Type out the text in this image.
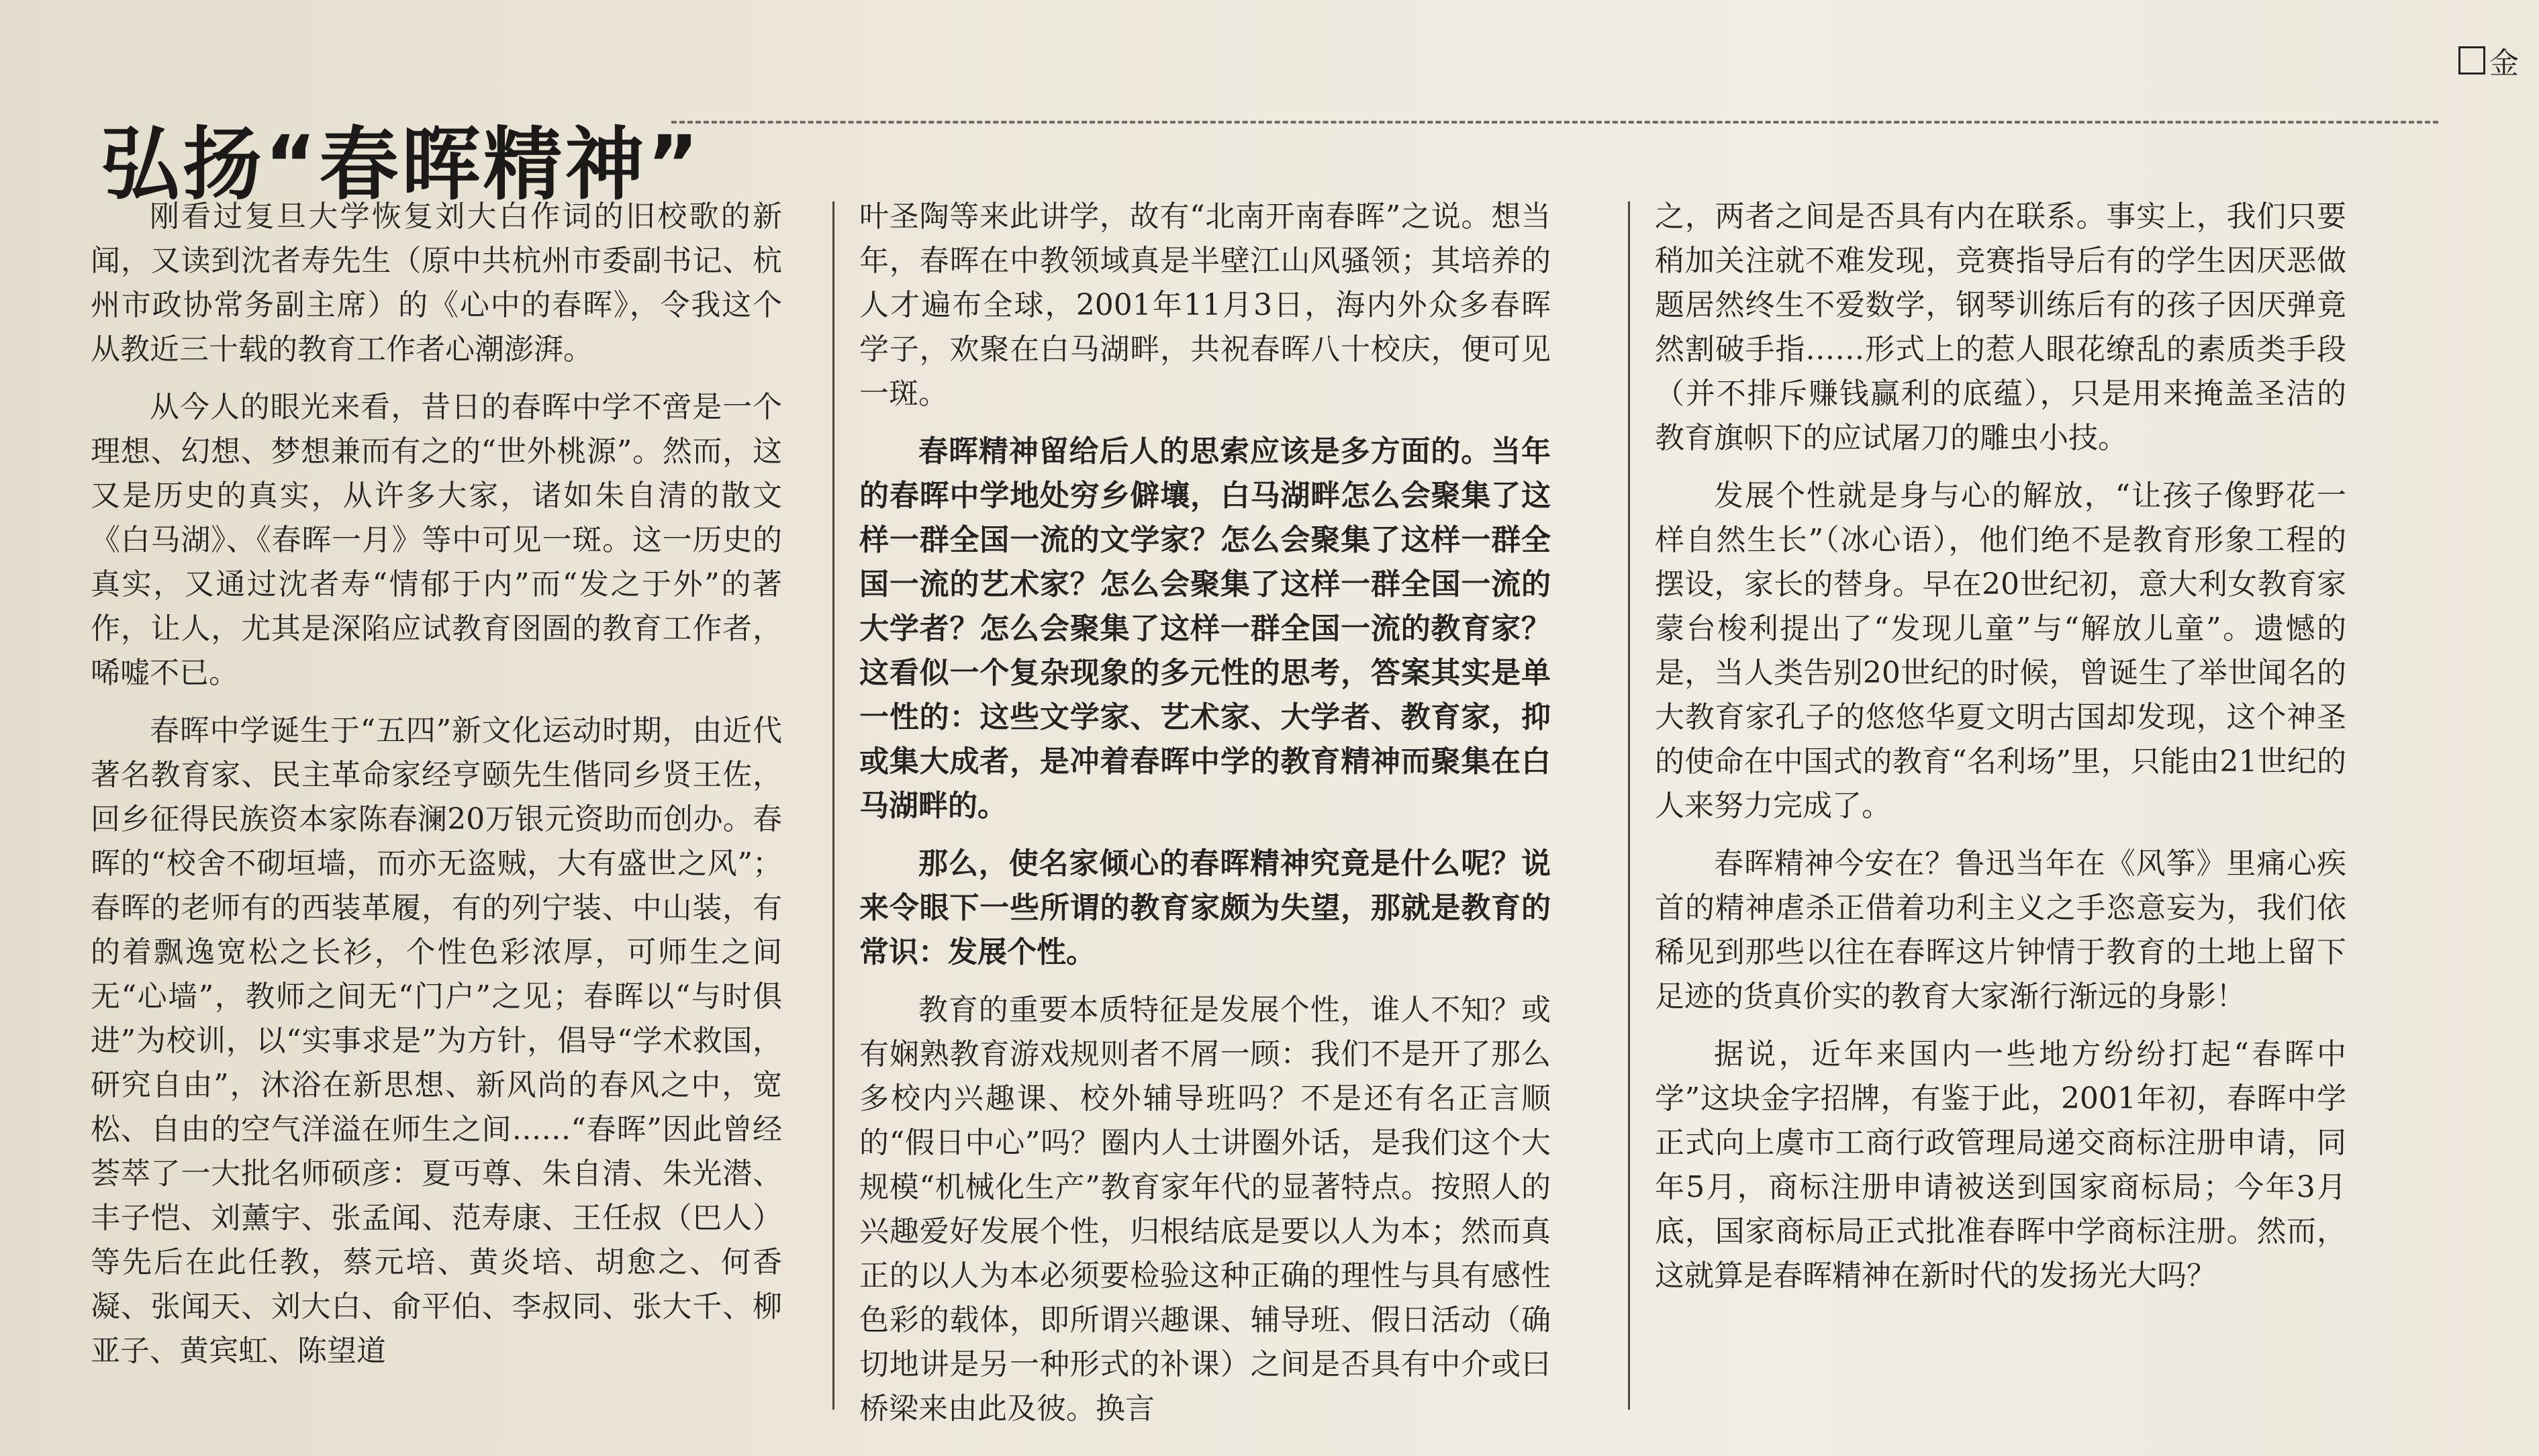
金
弘扬“春晖精神”

刚看过复旦大学恢复刘大白作词的旧校歌的新闻，又读到沈者寿先生（原中共杭州市委副书记、杭州市政协常务副主席）的《心中的春晖》，令我这个从教近三十载的教育工作者心潮澎湃。

从今人的眼光来看，昔日的春晖中学不啻是一个理想、幻想、梦想兼而有之的“世外桃源”。然而，这又是历史的真实，从许多大家，诸如朱自清的散文《白马湖》、《春晖一月》等中可见一斑。这一历史的真实，又通过沈者寿“情郁于内”而“发之于外”的著作，让人，尤其是深陷应试教育囹圄的教育工作者，唏嘘不已。

春晖中学诞生于“五四”新文化运动时期，由近代著名教育家、民主革命家经亨颐先生偕同乡贤王佐，回乡征得民族资本家陈春澜20万银元资助而创办。春晖的“校舍不砌垣墙，而亦无盗贼，大有盛世之风”；春晖的老师有的西装革履，有的列宁装、中山装，有的着飘逸宽松之长衫，个性色彩浓厚，可师生之间无“心墙”，教师之间无“门户”之见；春晖以“与时俱进”为校训，以“实事求是”为方针，倡导“学术救国，研究自由”，沐浴在新思想、新风尚的春风之中，宽松、自由的空气洋溢在师生之间……“春晖”因此曾经荟萃了一大批名师硕彦：夏丏尊、朱自清、朱光潜、丰子恺、刘薰宇、张孟闻、范寿康、王任叔（巴人）等先后在此任教，蔡元培、黄炎培、胡愈之、何香凝、张闻天、刘大白、俞平伯、李叔同、张大千、柳亚子、黄宾虹、陈望道

叶圣陶等来此讲学，故有“北南开南春晖”之说。想当年，春晖在中教领域真是半壁江山风骚领；其培养的人才遍布全球，2001年11月3日，海内外众多春晖学子，欢聚在白马湖畔，共祝春晖八十校庆，便可见一斑。

春晖精神留给后人的思索应该是多方面的。当年的春晖中学地处穷乡僻壤，白马湖畔怎么会聚集了这样一群全国一流的文学家？怎么会聚集了这样一群全国一流的艺术家？怎么会聚集了这样一群全国一流的大学者？怎么会聚集了这样一群全国一流的教育家？这看似一个复杂现象的多元性的思考，答案其实是单一性的：这些文学家、艺术家、大学者、教育家，抑或集大成者，是冲着春晖中学的教育精神而聚集在白马湖畔的。

那么，使名家倾心的春晖精神究竟是什么呢？说来令眼下一些所谓的教育家颇为失望，那就是教育的常识：发展个性。

教育的重要本质特征是发展个性，谁人不知？或有娴熟教育游戏规则者不屑一顾：我们不是开了那么多校内兴趣课、校外辅导班吗？不是还有名正言顺的“假日中心”吗？圈内人士讲圈外话，是我们这个大规模“机械化生产”教育家年代的显著特点。按照人的兴趣爱好发展个性，归根结底是要以人为本；然而真正的以人为本必须要检验这种正确的理性与具有感性色彩的载体，即所谓兴趣课、辅导班、假日活动（确切地讲是另一种形式的补课）之间是否具有中介或曰桥梁来由此及彼。换言

之，两者之间是否具有内在联系。事实上，我们只要稍加关注就不难发现，竞赛指导后有的学生因厌恶做题居然终生不爱数学，钢琴训练后有的孩子因厌弹竟然割破手指……形式上的惹人眼花缭乱的素质类手段（并不排斥赚钱赢利的底蕴），只是用来掩盖圣洁的教育旗帜下的应试屠刀的雕虫小技。

发展个性就是身与心的解放，“让孩子像野花一样自然生长”（冰心语），他们绝不是教育形象工程的摆设，家长的替身。早在20世纪初，意大利女教育家蒙台梭利提出了“发现儿童”与“解放儿童”。遗憾的是，当人类告别20世纪的时候，曾诞生了举世闻名的大教育家孔子的悠悠华夏文明古国却发现，这个神圣的使命在中国式的教育“名利场”里，只能由21世纪的人来努力完成了。

春晖精神今安在？鲁迅当年在《风筝》里痛心疾首的精神虐杀正借着功利主义之手恣意妄为，我们依稀见到那些以往在春晖这片钟情于教育的土地上留下足迹的货真价实的教育大家渐行渐远的身影！

据说，近年来国内一些地方纷纷打起“春晖中学”这块金字招牌，有鉴于此，2001年初，春晖中学正式向上虞市工商行政管理局递交商标注册申请，同年5月，商标注册申请被送到国家商标局；今年3月底，国家商标局正式批准春晖中学商标注册。然而，这就算是春晖精神在新时代的发扬光大吗？
